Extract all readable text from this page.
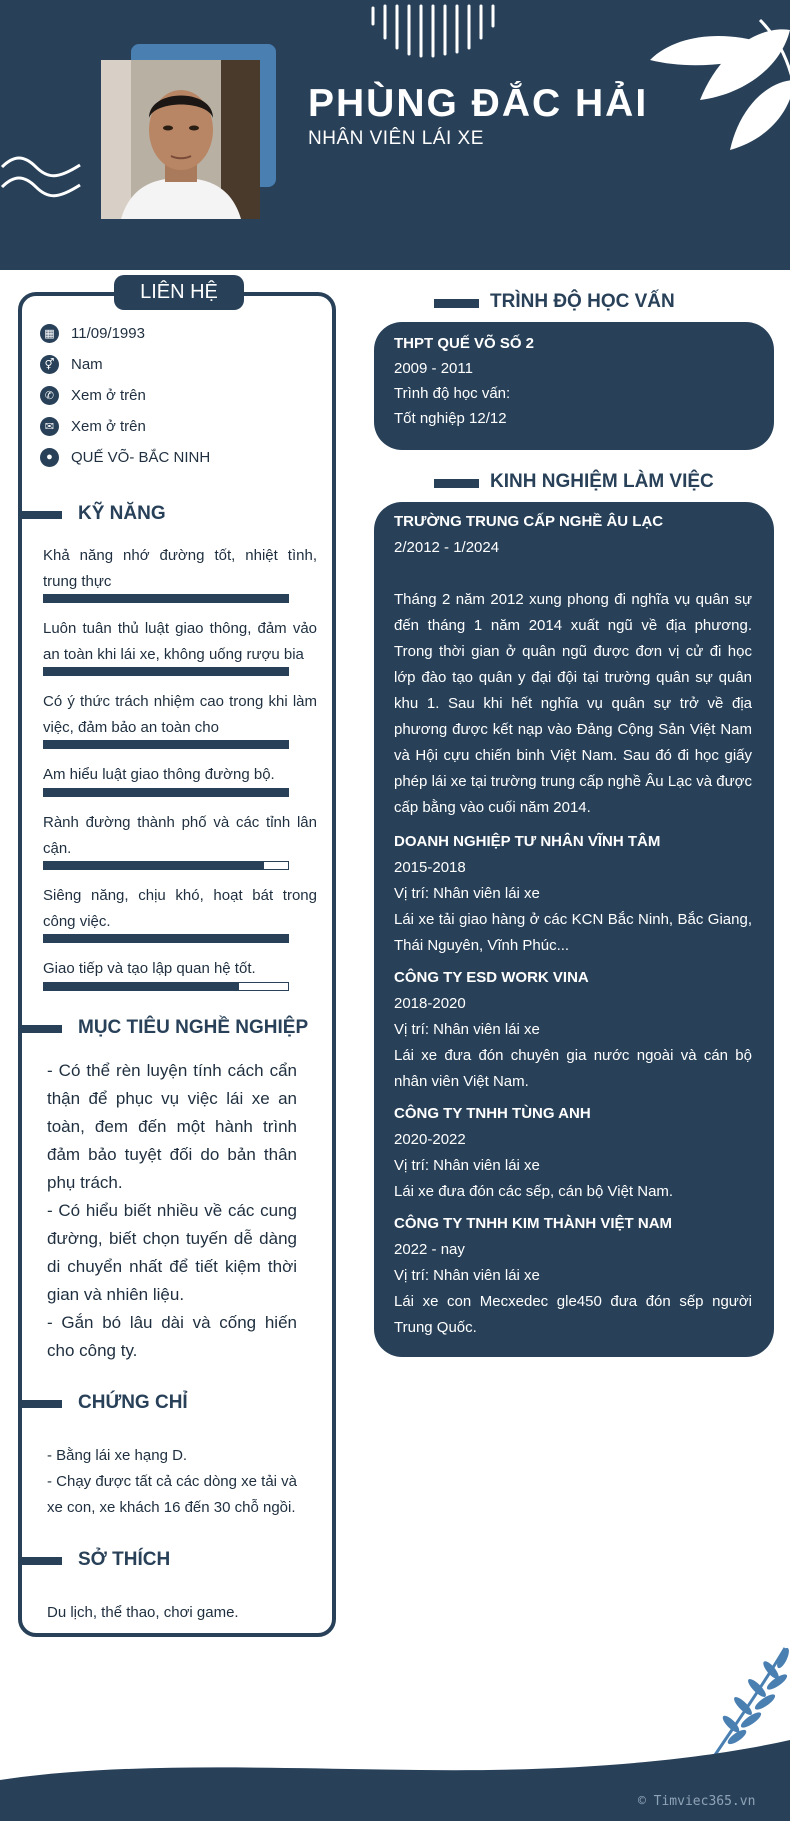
PHÙNG ĐẮC HẢI
NHÂN VIÊN LÁI XE
LIÊN HỆ
▦ 11/09/1993
⚥	Nam
✆	Xem ở trên
✉	Xem ở trên
●	QUẾ VÕ- BẮC NINH
KỸ NĂNG
Khả năng nhớ đường tốt, nhiệt tình, trung thực
Luôn tuân thủ luật giao thông, đảm vảo an toàn khi lái xe, không uống rượu bia
Có ý thức trách nhiệm cao trong khi làm việc, đảm bảo an toàn cho
Am hiểu luật giao thông đường bộ.
Rành đường thành phố và các tỉnh lân cận.
Siêng năng, chịu khó, hoạt bát trong công việc.
Giao tiếp và tạo lập quan hệ tốt.
MỤC TIÊU NGHỀ NGHIỆP

- Có thể rèn luyện tính cách cẩn thận để phục vụ việc lái xe an toàn, đem đến một hành trình đảm bảo tuyệt đối do bản thân phụ trách.

- Có hiểu biết nhiều về các cung đường, biết chọn tuyến dễ dàng di chuyển nhất để tiết kiệm thời gian và nhiên liệu.

- Gắn bó lâu dài và cống hiến cho công ty.

CHỨNG CHỈ

- Bằng lái xe hạng D.

- Chạy được tất cả các dòng xe tải và xe con, xe khách 16 đến 30 chỗ ngồi.

SỞ THÍCH
Du lịch, thể thao, chơi game.
TRÌNH ĐỘ HỌC VẤN
THPT QUẾ VÕ SỐ 2
2009 - 2011
Trình độ học vấn:
Tốt nghiệp 12/12
KINH NGHIỆM LÀM VIỆC

TRƯỜNG TRUNG CẤP NGHỀ ÂU LẠC

2/2012 - 1/2024

Tháng 2 năm 2012 xung phong đi nghĩa vụ quân sự đến tháng 1 năm 2014 xuất ngũ về địa phương. Trong thời gian ở quân ngũ được đơn vị cử đi học lớp đào tạo quân y đại đội tại trường quân sự quân khu 1. Sau khi hết nghĩa vụ quân sự trở về địa phương được kết nạp vào Đảng Cộng Sản Việt Nam và Hội cựu chiến binh Việt Nam. Sau đó đi học giấy phép lái xe tại trường trung cấp nghề Âu Lạc và được cấp bằng vào cuối năm 2014.

DOANH NGHIỆP TƯ NHÂN VĨNH TÂM

2015-2018

Vị trí: Nhân viên lái xe

Lái xe tải giao hàng ở các KCN Bắc Ninh, Bắc Giang, Thái Nguyên, Vĩnh Phúc...

CÔNG TY ESD WORK VINA

2018-2020

Vị trí: Nhân viên lái xe

Lái xe đưa đón chuyên gia nước ngoài và cán bộ nhân viên Việt Nam.

CÔNG TY TNHH TÙNG ANH

2020-2022

Vị trí: Nhân viên lái xe

Lái xe đưa đón các sếp, cán bộ Việt Nam.

CÔNG TY TNHH KIM THÀNH VIỆT NAM

2022 - nay

Vị trí: Nhân viên lái xe

Lái xe con Mecxedec gle450 đưa đón sếp người Trung Quốc.

© Timviec365.vn
